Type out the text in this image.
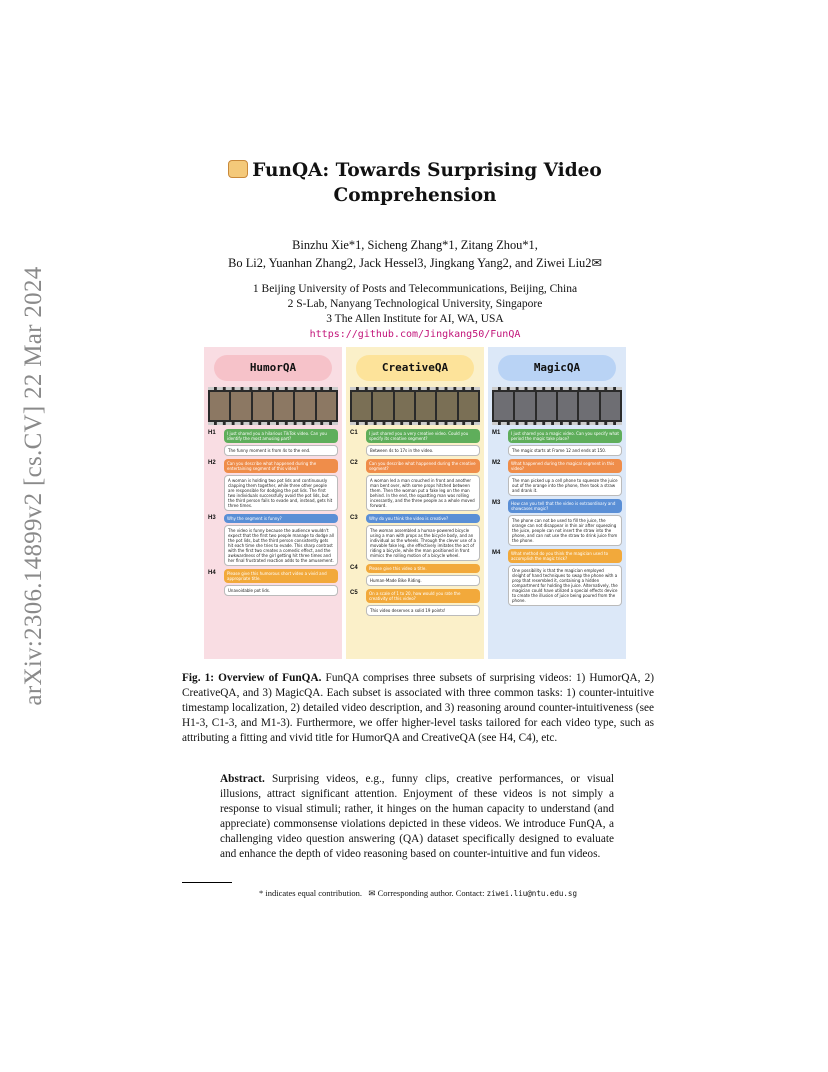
arXiv:2306.14899v2 [cs.CV] 22 Mar 2024
FunQA: Towards Surprising Video Comprehension
Binzhu Xie*1, Sicheng Zhang*1, Zitang Zhou*1,
Bo Li2, Yuanhan Zhang2, Jack Hessel3, Jingkang Yang2, and Ziwei Liu2✉
1 Beijing University of Posts and Telecommunications, Beijing, China
2 S-Lab, Nanyang Technological University, Singapore
3 The Allen Institute for AI, WA, USA
https://github.com/Jingkang50/FunQA
HumorQA
H1	I just shared you a hilarious TikTok video. Can you identify the most amusing part?
The funny moment is from 4s to the end.
H2	Can you describe what happened during the entertaining segment of this video?
A woman is holding two pot lids and continuously clapping them together, while three other people are responsible for dodging the pot lids. The first two individuals successfully avoid the pot lids, but the third person fails to evade and, instead, gets hit three times.
H3	Why the segment is funny?
The video is funny because the audience wouldn't expect that the first two people manage to dodge all the pot lids, but the third person consistently gets hit each time she tries to evade. This sharp contrast with the first two creates a comedic effect, and the awkwardness of the girl getting hit three times and her final frustrated reaction adds to the amusement.
H4	Please give this humorous short video a vivid and appropriate title.
Unavoidable pot lids.
CreativeQA
C1	I just shared you a very creative video. Could you specify its creative segment?
Between 4s to 17s in the video.
C2	Can you describe what happened during the creative segment?
A woman led a man crouched in front and another man bent over, with some props hitched between them. Then the woman put a fake leg on the man behind. In the end, the squatting man was rolling incessantly, and the three people as a whole moved forward.
C3	Why do you think the video is creative?
The woman assembled a human-powered bicycle using a man with props as the bicycle body, and an individual as the wheels. Through the clever use of a movable fake leg, she effectively imitates the act of riding a bicycle, while the man positioned in front mimics the rolling motion of a bicycle wheel.
C4	Please give this video a title.
Human-Made Bike Riding.
C5	On a scale of 1 to 20, how would you rate the creativity of this video?
This video deserves a solid 19 points!
MagicQA
M1	I just shared you a magic video. Can you specify what period the magic take place?
The magic starts at Frame 12 and ends at 150.
M2	What happened during the magical segment in this video?
The man picked up a cell phone to squeeze the juice out of the orange into the phone, then took a straw and drank it.
M3	How can you tell that the video is extraordinary and showcases magic?
The phone can not be used to fill the juice, the orange can not disappear in thin air after squeezing the juice, people can not insert the straw into the phone, and can not use the straw to drink juice from the phone.
M4	What method do you think the magician used to accomplish the magic trick?
One possibility is that the magician employed sleight of hand techniques to swap the phone with a prop that resembled it, containing a hidden compartment for holding the juice. Alternatively, the magician could have utilized a special effects device to create the illusion of juice being poured from the phone.
Fig. 1: Overview of FunQA. FunQA comprises three subsets of surprising videos: 1) HumorQA, 2) CreativeQA, and 3) MagicQA. Each subset is associated with three common tasks: 1) counter-intuitive timestamp localization, 2) detailed video description, and 3) reasoning around counter-intuitiveness (see H1-3, C1-3, and M1-3). Furthermore, we offer higher-level tasks tailored for each video type, such as attributing a fitting and vivid title for HumorQA and CreativeQA (see H4, C4), etc.
Abstract. Surprising videos, e.g., funny clips, creative performances, or visual illusions, attract significant attention. Enjoyment of these videos is not simply a response to visual stimuli; rather, it hinges on the human capacity to understand (and appreciate) commonsense violations depicted in these videos. We introduce FunQA, a challenging video question answering (QA) dataset specifically designed to evaluate and enhance the depth of video reasoning based on counter-intuitive and fun videos.
* indicates equal contribution. ✉ Corresponding author. Contact: ziwei.liu@ntu.edu.sg
